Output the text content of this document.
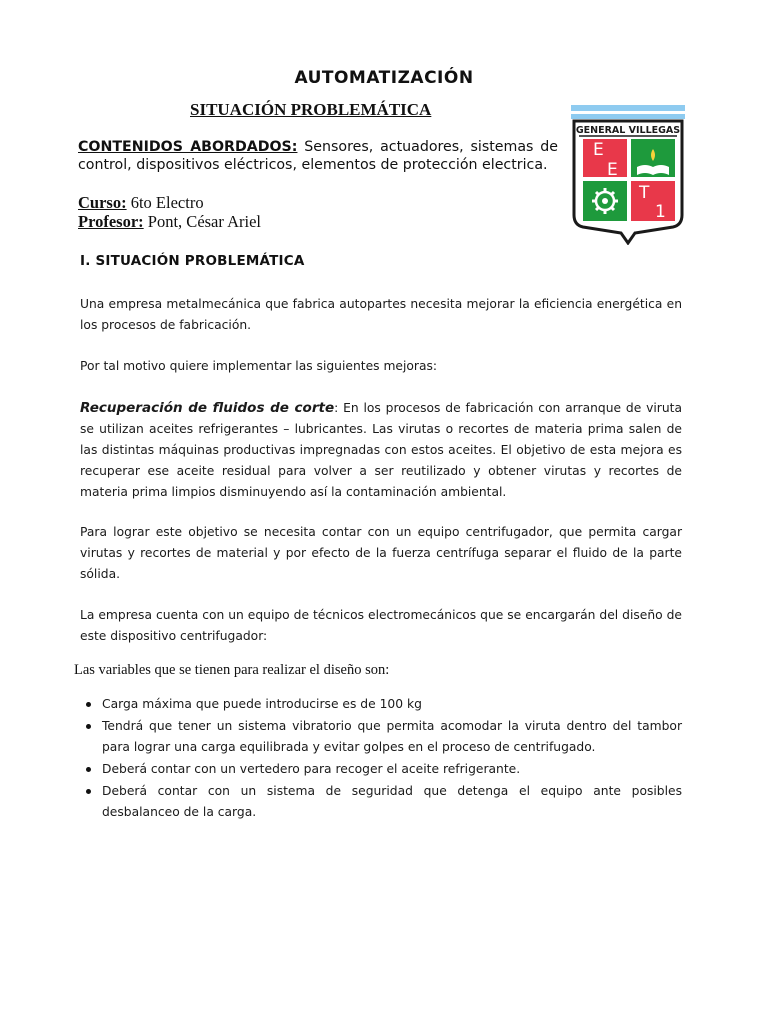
AUTOMATIZACIÓN
SITUACIÓN PROBLEMÁTICA
CONTENIDOS ABORDADOS: Sensores, actuadores, sistemas de control, dispositivos eléctricos, elementos de protección electrica.
Curso: 6to Electro
Profesor: Pont, César Ariel
GENERAL VILLEGAS
E
E
T
1
I. SITUACIÓN PROBLEMÁTICA
Una empresa metalmecánica que fabrica autopartes necesita mejorar la eficiencia energética en los procesos de fabricación.
Por tal motivo quiere implementar las siguientes mejoras:
Recuperación de fluidos de corte: En los procesos de fabricación con arranque de viruta se utilizan aceites refrigerantes – lubricantes. Las virutas o recortes de materia prima salen de las distintas máquinas productivas impregnadas con estos aceites. El objetivo de esta mejora es recuperar ese aceite residual para volver a ser reutilizado y obtener virutas y recortes de materia prima limpios disminuyendo así la contaminación ambiental.
Para lograr este objetivo se necesita contar con un equipo centrifugador, que permita cargar virutas y recortes de material y por efecto de la fuerza centrífuga separar el fluido de la parte sólida.
La empresa cuenta con un equipo de técnicos electromecánicos que se encargarán del diseño de este dispositivo centrifugador:
Las variables que se tienen para realizar el diseño son:
Carga máxima que puede introducirse es de 100 kg
Tendrá que tener un sistema vibratorio que permita acomodar la viruta dentro del tambor para lograr una carga equilibrada y evitar golpes en el proceso de centrifugado.
Deberá contar con un vertedero para recoger el aceite refrigerante.
Deberá contar con un sistema de seguridad que detenga el equipo ante posibles desbalanceo de la carga.
